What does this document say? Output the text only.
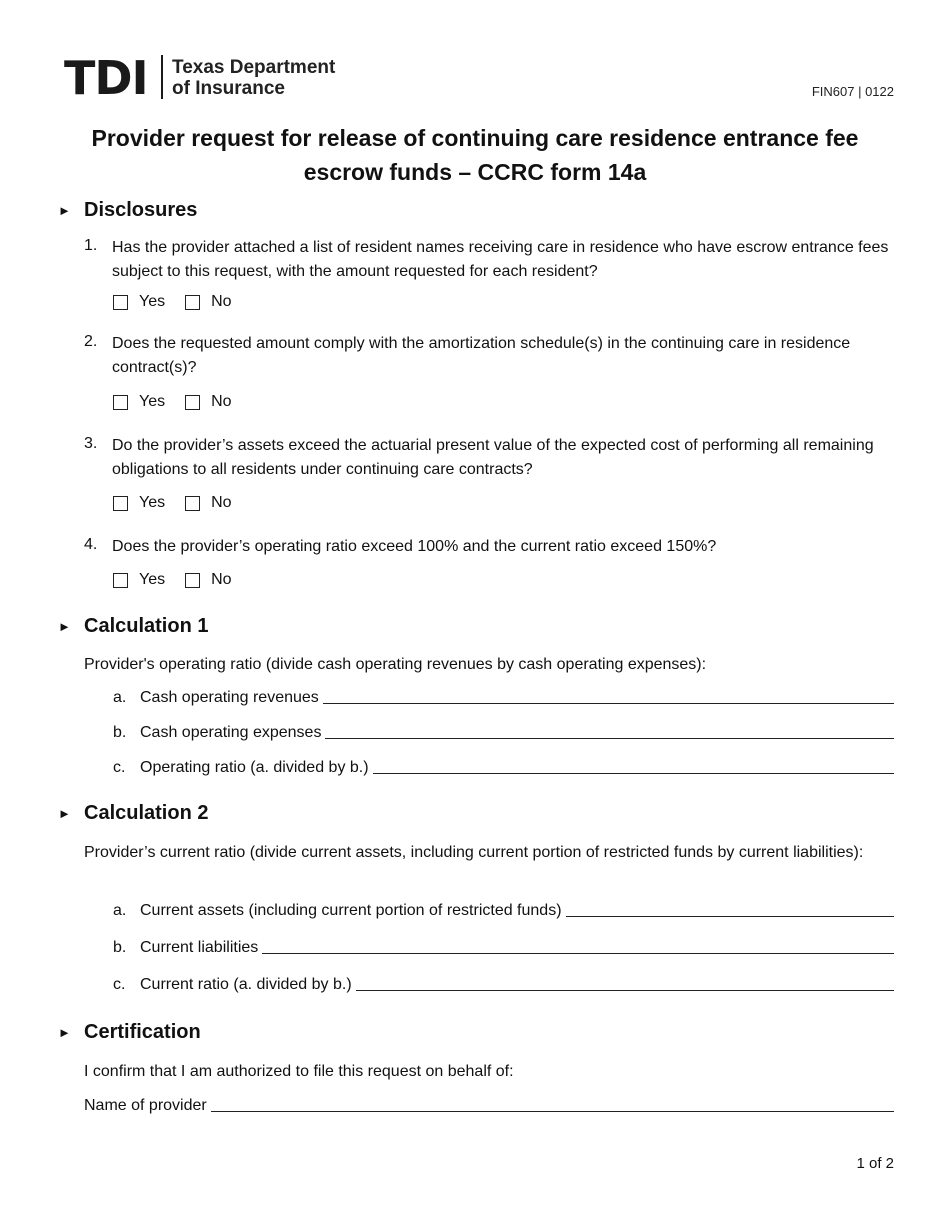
TDI Texas Department
of Insurance	FIN607 | 0122
Provider request for release of continuing care residence entrance fee
escrow funds – CCRC form 14a
► Disclosures
1. Has the provider attached a list of resident names receiving care in residence who have escrow entrance fees subject to this request, with the amount requested for each resident?
Yes	No
2. Does the requested amount comply with the amortization schedule(s) in the continuing care in residence contract(s)?
Yes	No
3. Do the provider’s assets exceed the actuarial present value of the expected cost of performing all remaining obligations to all residents under continuing care contracts?
Yes	No
4. Does the provider’s operating ratio exceed 100% and the current ratio exceed 150%?
Yes	No
► Calculation 1
Provider's operating ratio (divide cash operating revenues by cash operating expenses):
a. Cash operating revenues
b. Cash operating expenses
c. Operating ratio (a. divided by b.)
► Calculation 2
Provider’s current ratio (divide current assets, including current portion of restricted funds by current liabilities):
a. Current assets (including current portion of restricted funds)
b. Current liabilities
c. Current ratio (a. divided by b.)
► Certification
I confirm that I am authorized to file this request on behalf of:
Name of provider
1 of 2
